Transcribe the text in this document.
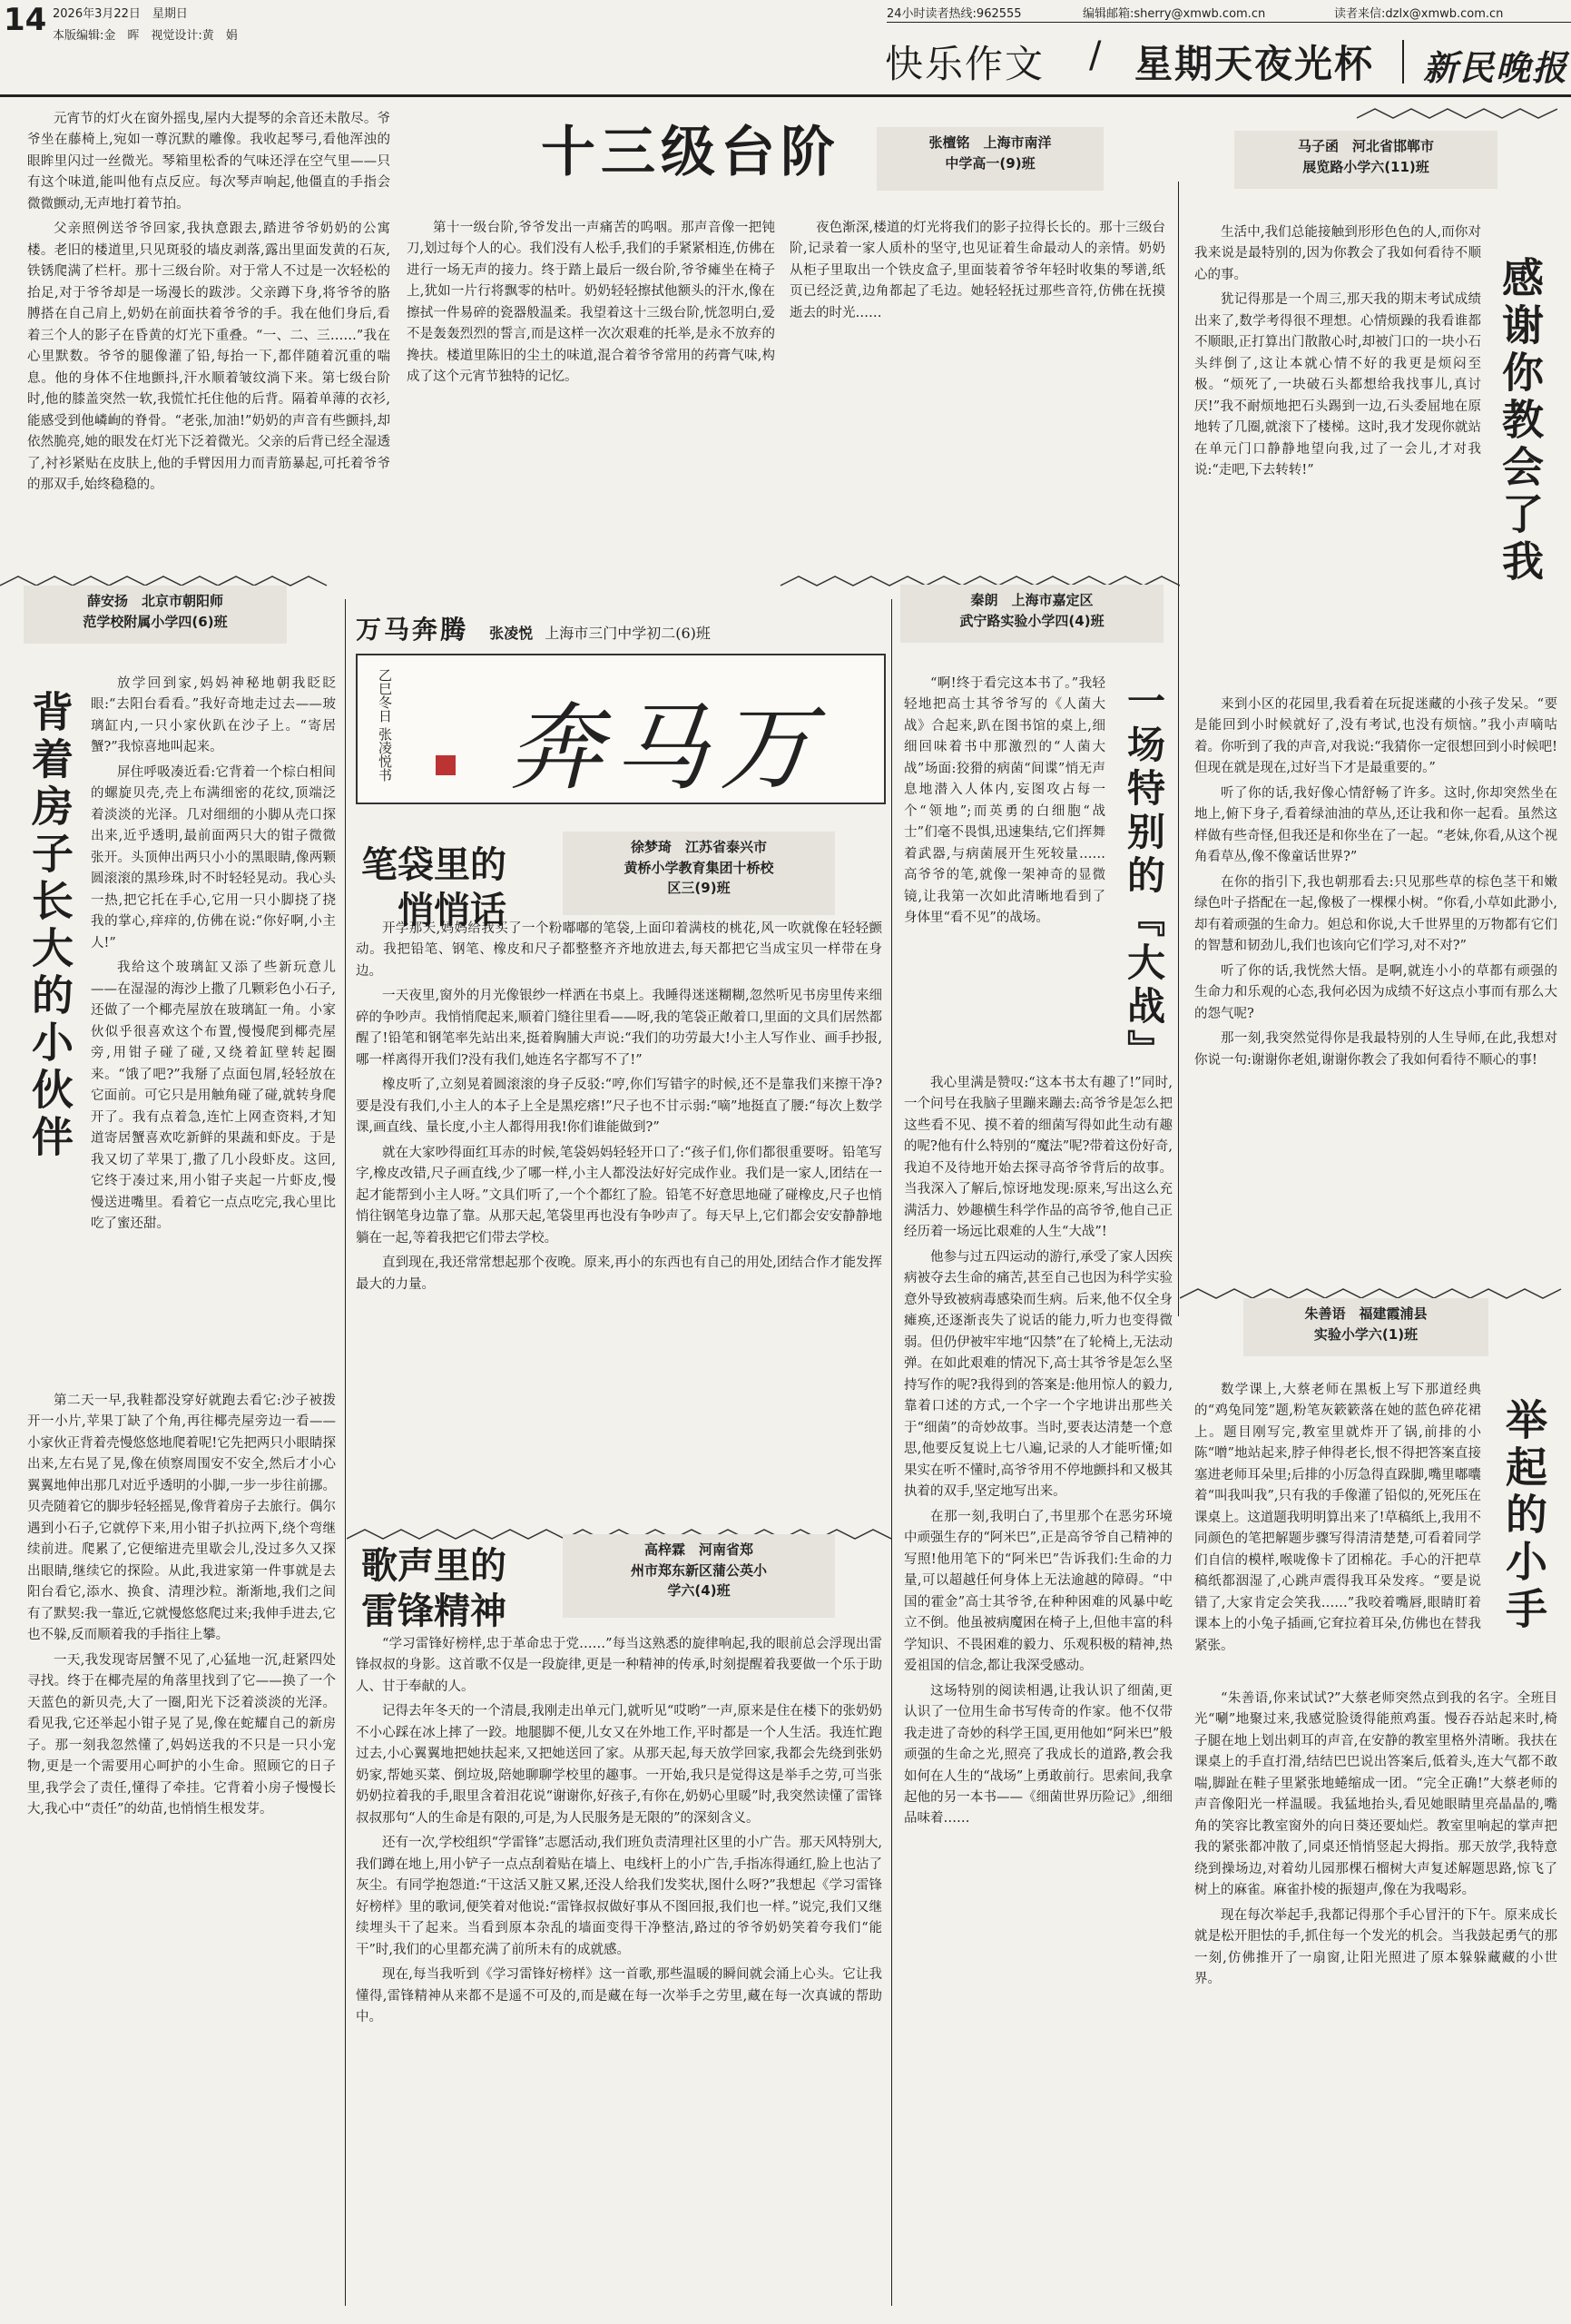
14 2026年3月22日　星期日
本版编辑:金　晖　视觉设计:黄　娟
24小时读者热线:962555	编辑邮箱:sherry@xmwb.com.cn	读者来信:dzlx@xmwb.com.cn
快乐作文 / 星期天夜光杯 新民晚报
十三级台阶	张檀铭　 上海市南洋
中学高一(9)班

元宵节的灯火在窗外摇曳,屋内大提琴的余音还未散尽。爷爷坐在藤椅上,宛如一尊沉默的雕像。我收起琴弓,看他浑浊的眼眸里闪过一丝微光。琴箱里松香的气味还浮在空气里——只有这个味道,能叫他有点反应。每次琴声响起,他僵直的手指会微微颤动,无声地打着节拍。

父亲照例送爷爷回家,我执意跟去,踏进爷爷奶奶的公寓楼。老旧的楼道里,只见斑驳的墙皮剥落,露出里面发黄的石灰,铁锈爬满了栏杆。那十三级台阶。对于常人不过是一次轻松的抬足,对于爷爷却是一场漫长的跋涉。父亲蹲下身,将爷爷的胳膊搭在自己肩上,奶奶在前面扶着爷爷的手。我在他们身后,看着三个人的影子在昏黄的灯光下重叠。“一、二、三……”我在心里默数。爷爷的腿像灌了铅,每抬一下,都伴随着沉重的喘息。他的身体不住地颤抖,汗水顺着皱纹淌下来。第七级台阶时,他的膝盖突然一软,我慌忙托住他的后背。隔着单薄的衣衫,能感受到他嶙峋的脊骨。“老张,加油!”奶奶的声音有些颤抖,却依然脆亮,她的眼发在灯光下泛着微光。父亲的后背已经全湿透了,衬衫紧贴在皮肤上,他的手臂因用力而青筋暴起,可托着爷爷的那双手,始终稳稳的。

第十一级台阶,爷爷发出一声痛苦的呜咽。那声音像一把钝刀,划过每个人的心。我们没有人松手,我们的手紧紧相连,仿佛在进行一场无声的接力。终于踏上最后一级台阶,爷爷瘫坐在椅子上,犹如一片行将飘零的枯叶。奶奶轻轻擦拭他额头的汗水,像在擦拭一件易碎的瓷器般温柔。我望着这十三级台阶,恍忽明白,爱不是轰轰烈烈的誓言,而是这样一次次艰难的托举,是永不放弃的搀扶。楼道里陈旧的尘土的味道,混合着爷爷常用的药膏气味,构成了这个元宵节独特的记忆。

夜色渐深,楼道的灯光将我们的影子拉得长长的。那十三级台阶,记录着一家人质朴的坚守,也见证着生命最动人的亲情。奶奶从柜子里取出一个铁皮盒子,里面装着爷爷年轻时收集的琴谱,纸页已经泛黄,边角都起了毛边。她轻轻抚过那些音符,仿佛在抚摸逝去的时光……

马子函　 河北省邯郸市
展览路小学六(11)班
感谢你教会了我

生活中,我们总能接触到形形色色的人,而你对我来说是最特别的,因为你教会了我如何看待不顺心的事。

犹记得那是一个周三,那天我的期末考试成绩出来了,数学考得很不理想。心情烦躁的我看谁都不顺眼,正打算出门散散心时,却被门口的一块小石头绊倒了,这让本就心情不好的我更是烦闷至极。“烦死了,一块破石头都想给我找事儿,真讨厌!”我不耐烦地把石头踢到一边,石头委屈地在原地转了几圈,就滚下了楼梯。这时,我才发现你就站在单元门口静静地望向我,过了一会儿,才对我说:“走吧,下去转转!”

来到小区的花园里,我看着在玩捉迷藏的小孩子发呆。“要是能回到小时候就好了,没有考试,也没有烦恼。”我小声嘀咕着。你听到了我的声音,对我说:“我猜你一定很想回到小时候吧!但现在就是现在,过好当下才是最重要的。”

听了你的话,我好像心情舒畅了许多。这时,你却突然坐在地上,俯下身子,看着绿油油的草丛,还让我和你一起看。虽然这样做有些奇怪,但我还是和你坐在了一起。“老妹,你看,从这个视角看草丛,像不像童话世界?”

在你的指引下,我也朝那看去:只见那些草的棕色茎干和嫩绿色叶子搭配在一起,像极了一棵棵小树。“你看,小草如此渺小,却有着顽强的生命力。妲总和你说,大千世界里的万物都有它们的智慧和韧劲儿,我们也该向它们学习,对不对?”

听了你的话,我恍然大悟。是啊,就连小小的草都有顽强的生命力和乐观的心态,我何必因为成绩不好这点小事而有那么大的怨气呢?

那一刻,我突然觉得你是我最特别的人生导师,在此,我想对你说一句:谢谢你老姐,谢谢你教会了我如何看待不顺心的事!

薛安扬　 北京市朝阳师
范学校附属小学四(6)班
背着房子长大的小伙伴

放学回到家,妈妈神秘地朝我眨眨眼:“去阳台看看。”我好奇地走过去——玻璃缸内,一只小家伙趴在沙子上。“寄居蟹?”我惊喜地叫起来。

屏住呼吸凑近看:它背着一个棕白相间的螺旋贝壳,壳上布满细密的花纹,顶端泛着淡淡的光泽。几对细细的小脚从壳口探出来,近乎透明,最前面两只大的钳子微微张开。头顶伸出两只小小的黑眼睛,像两颗圆滚滚的黑珍珠,时不时轻轻晃动。我心头一热,把它托在手心,它用一只小脚挠了挠我的掌心,痒痒的,仿佛在说:“你好啊,小主人!”

我给这个玻璃缸又添了些新玩意儿——在湿湿的海沙上撒了几颗彩色小石子,还做了一个椰壳屋放在玻璃缸一角。小家伙似乎很喜欢这个布置,慢慢爬到椰壳屋旁,用钳子碰了碰,又绕着缸壁转起圈来。“饿了吧?”我掰了点面包屑,轻轻放在它面前。可它只是用触角碰了碰,就转身爬开了。我有点着急,连忙上网查资料,才知道寄居蟹喜欢吃新鲜的果蔬和虾皮。于是我又切了苹果丁,撒了几小段虾皮。这回,它终于凑过来,用小钳子夹起一片虾皮,慢慢送进嘴里。看着它一点点吃完,我心里比吃了蜜还甜。

第二天一早,我鞋都没穿好就跑去看它:沙子被拨开一小片,苹果丁缺了个角,再往椰壳屋旁边一看——小家伙正背着壳慢悠悠地爬着呢!它先把两只小眼睛探出来,左右晃了晃,像在侦察周围安不安全,然后才小心翼翼地伸出那几对近乎透明的小脚,一步一步往前挪。贝壳随着它的脚步轻轻摇晃,像背着房子去旅行。偶尔遇到小石子,它就停下来,用小钳子扒拉两下,绕个弯继续前进。爬累了,它便缩进壳里歇会儿,没过多久又探出眼睛,继续它的探险。从此,我进家第一件事就是去阳台看它,添水、换食、清理沙粒。渐渐地,我们之间有了默契:我一靠近,它就慢悠悠爬过来;我伸手进去,它也不躲,反而顺着我的手指往上攀。

一天,我发现寄居蟹不见了,心猛地一沉,赶紧四处寻找。终于在椰壳屋的角落里找到了它——换了一个天蓝色的新贝壳,大了一圈,阳光下泛着淡淡的光泽。看见我,它还举起小钳子晃了晃,像在蛇耀自己的新房子。那一刻我忽然懂了,妈妈送我的不只是一只小宠物,更是一个需要用心呵护的小生命。照顾它的日子里,我学会了责任,懂得了牵挂。它背着小房子慢慢长大,我心中“责任”的幼苗,也悄悄生根发芽。

万马奔腾 张凌悦 上海市三门中学初二(6)班
乙巳冬日 张凌悦书	万马奔
笔袋里的
悄悄话
徐梦琦　 江苏省泰兴市
黄桥小学教育集团十桥校
区三(9)班

开学那天,妈妈给我买了一个粉嘟嘟的笔袋,上面印着满枝的桃花,风一吹就像在轻轻颤动。我把铅笔、钢笔、橡皮和尺子都整整齐齐地放进去,每天都把它当成宝贝一样带在身边。

一天夜里,窗外的月光像银纱一样洒在书桌上。我睡得迷迷糊糊,忽然听见书房里传来细碎的争吵声。我悄悄爬起来,顺着门缝往里看——呀,我的笔袋正敞着口,里面的文具们居然都醒了!铅笔和钢笔率先站出来,挺着胸脯大声说:“我们的功劳最大!小主人写作业、画手抄报,哪一样离得开我们?没有我们,她连名字都写不了!”

橡皮听了,立刻晃着圆滚滚的身子反驳:“哼,你们写错字的时候,还不是靠我们来擦干净?要是没有我们,小主人的本子上全是黑疙瘩!”尺子也不甘示弱:“嘀”地挺直了腰:“每次上数学课,画直线、量长度,小主人都得用我!你们谁能做到?”

就在大家吵得面红耳赤的时候,笔袋妈妈轻轻开口了:“孩子们,你们都很重要呀。铅笔写字,橡皮改错,尺子画直线,少了哪一样,小主人都没法好好完成作业。我们是一家人,团结在一起才能帮到小主人呀。”文具们听了,一个个都红了脸。铅笔不好意思地碰了碰橡皮,尺子也悄悄往钢笔身边靠了靠。从那天起,笔袋里再也没有争吵声了。每天早上,它们都会安安静静地躺在一起,等着我把它们带去学校。

直到现在,我还常常想起那个夜晚。原来,再小的东西也有自己的用处,团结合作才能发挥最大的力量。

歌声里的
雷锋精神
高梓霖　 河南省郑
州市郑东新区蒲公英小
学六(4)班

“学习雷锋好榜样,忠于革命忠于党……”每当这熟悉的旋律响起,我的眼前总会浮现出雷锋叔叔的身影。这首歌不仅是一段旋律,更是一种精神的传承,时刻提醒着我要做一个乐于助人、甘于奉献的人。

记得去年冬天的一个清晨,我刚走出单元门,就听见“哎哟”一声,原来是住在楼下的张奶奶不小心踩在冰上摔了一跤。地腿脚不便,儿女又在外地工作,平时都是一个人生活。我连忙跑过去,小心翼翼地把她扶起来,又把她送回了家。从那天起,每天放学回家,我都会先绕到张奶奶家,帮她买菜、倒垃圾,陪她聊聊学校里的趣事。一开始,我只是觉得这是举手之劳,可当张奶奶拉着我的手,眼里含着泪花说“谢谢你,好孩子,有你在,奶奶心里暖”时,我突然读懂了雷锋叔叔那句“人的生命是有限的,可是,为人民服务是无限的”的深刻含义。

还有一次,学校组织“学雷锋”志愿活动,我们班负责清理社区里的小广告。那天风特别大,我们蹲在地上,用小铲子一点点刮着贴在墙上、电线杆上的小广告,手指冻得通红,脸上也沾了灰尘。有同学抱怨道:“干这活又脏又累,还没人给我们发奖状,图什么呀?”我想起《学习雷锋好榜样》里的歌词,便笑着对他说:“雷锋叔叔做好事从不图回报,我们也一样。”说完,我们又继续埋头干了起来。当看到原本杂乱的墙面变得干净整洁,路过的爷爷奶奶笑着夸我们“能干”时,我们的心里都充满了前所未有的成就感。

现在,每当我听到《学习雷锋好榜样》这一首歌,那些温暖的瞬间就会涌上心头。它让我懂得,雷锋精神从来都不是遥不可及的,而是藏在每一次举手之劳里,藏在每一次真诚的帮助中。

秦朗　 上海市嘉定区
武宁路实验小学四(4)班
一场特别的『大战』

“啊!终于看完这本书了。”我轻轻地把高士其爷爷写的《人菌大战》合起来,趴在图书馆的桌上,细细回味着书中那激烈的“人菌大战”场面:狡猾的病菌“间谍”悄无声息地潜入人体内,妄图攻占每一个“领地”;而英勇的白细胞“战士”们毫不畏惧,迅速集结,它们挥舞着武器,与病菌展开生死较量……高爷爷的笔,就像一架神奇的显微镜,让我第一次如此清晰地看到了身体里“看不见”的战场。

我心里满是赞叹:“这本书太有趣了!”同时,一个问号在我脑子里蹦来蹦去:高爷爷是怎么把这些看不见、摸不着的细菌写得如此生动有趣的呢?他有什么特别的“魔法”呢?带着这份好奇,我迫不及待地开始去探寻高爷爷背后的故事。当我深入了解后,惊讶地发现:原来,写出这么充满活力、妙趣横生科学作品的高爷爷,他自己正经历着一场远比艰难的人生“大战”!

他参与过五四运动的游行,承受了家人因疾病被夺去生命的痛苦,甚至自己也因为科学实验意外导致被病毒感染而生病。后来,他不仅全身瘫痪,还逐渐丧失了说话的能力,听力也变得微弱。但仍伊被牢牢地“囚禁”在了轮椅上,无法动弹。在如此艰难的情况下,高士其爷爷是怎么坚持写作的呢?我得到的答案是:他用惊人的毅力,靠着口述的方式,一个字一个字地讲出那些关于“细菌”的奇妙故事。当时,要表达清楚一个意思,他要反复说上七八遍,记录的人才能听懂;如果实在听不懂时,高爷爷用不停地颤抖和又极其执着的双手,坚定地写出来。

在那一刻,我明白了,书里那个在恶劣环境中顽强生存的“阿米巴”,正是高爷爷自己精神的写照!他用笔下的“阿米巴”告诉我们:生命的力量,可以超越任何身体上无法逾越的障碍。“中国的霍金”高士其爷爷,在种种困难的风暴中屹立不倒。他虽被病魔困在椅子上,但他丰富的科学知识、不畏困难的毅力、乐观积极的精神,热爱祖国的信念,都让我深受感动。

这场特别的阅读相遇,让我认识了细菌,更认识了一位用生命书写传奇的作家。他不仅带我走进了奇妙的科学王国,更用他如“阿米巴”般顽强的生命之光,照亮了我成长的道路,教会我如何在人生的“战场”上勇敢前行。思索间,我拿起他的另一本书——《细菌世界历险记》,细细品味着……

朱善语　 福建霞浦县
实验小学六(1)班
举起的小手

数学课上,大蔡老师在黑板上写下那道经典的“鸡兔同笼”题,粉笔灰簌簌落在她的蓝色碎花裙上。题目刚写完,教室里就炸开了锅,前排的小陈“噌”地站起来,脖子伸得老长,恨不得把答案直接塞进老师耳朵里;后排的小厉急得直跺脚,嘴里嘟囔着“叫我叫我”,只有我的手像灌了铅似的,死死压在课桌上。这道题我明明算出来了!草稿纸上,我用不同颜色的笔把解题步骤写得清清楚楚,可看着同学们自信的模样,喉咙像卡了团棉花。手心的汗把草稿纸都洇湿了,心跳声震得我耳朵发疼。“要是说错了,大家肯定会笑我……”我咬着嘴唇,眼睛盯着课本上的小兔子插画,它耷拉着耳朵,仿佛也在替我紧张。

“朱善语,你来试试?”大蔡老师突然点到我的名字。全班目光“唰”地聚过来,我感觉脸烫得能煎鸡蛋。慢吞吞站起来时,椅子腿在地上划出刺耳的声音,在安静的教室里格外清晰。我扶在课桌上的手直打滑,结结巴巴说出答案后,低着头,连大气都不敢喘,脚趾在鞋子里紧张地蜷缩成一团。“完全正确!”大蔡老师的声音像阳光一样温暖。我猛地抬头,看见她眼睛里亮晶晶的,嘴角的笑容比教室窗外的向日葵还要灿烂。教室里响起的掌声把我的紧张都冲散了,同桌还悄悄竖起大拇指。那天放学,我特意绕到操场边,对着幼儿园那棵石榴树大声复述解题思路,惊飞了树上的麻雀。麻雀扑棱的振翅声,像在为我喝彩。

现在每次举起手,我都记得那个手心冒汗的下午。原来成长就是松开胆怯的手,抓住每一个发光的机会。当我鼓起勇气的那一刻,仿佛推开了一扇窗,让阳光照进了原本躲躲藏藏的小世界。
